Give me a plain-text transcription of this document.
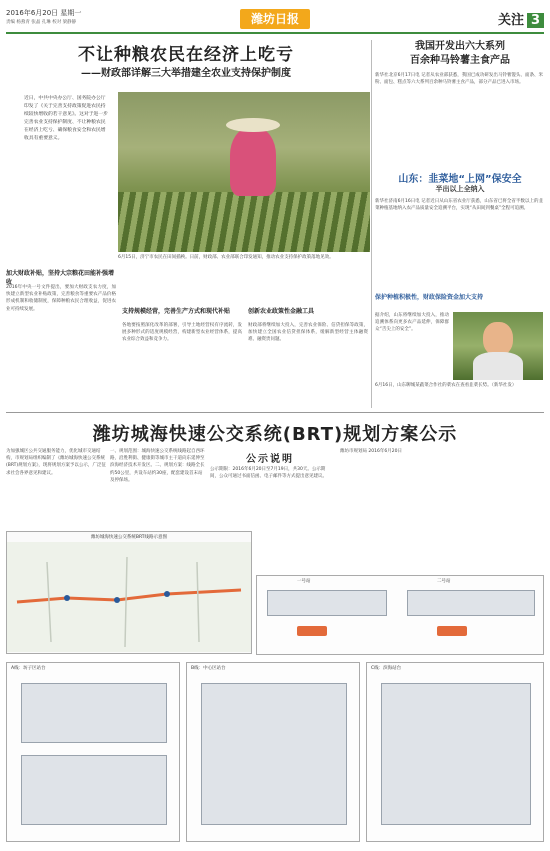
2016年6月20日 星期一
责编 杨燕青 张晶 孔琳 校对 梁静静	潍坊日报	关注 3
不让种粮农民在经济上吃亏
——财政部详解三大举措建全农业支持保护制度
近日，中共中央办公厅、国务院办公厅印发了《关于完善支持政策促进农民持续较快增收的若干意见》。这对于进一步完善农业支持保护制度、不让种粮农民在经济上吃亏、确保粮食安全和农民增收具有重要意义。
6月15日，济宁市农民在田间插秧。日前，财政部、农业部联合印发通知，推动农业支持保护政策落地见效。
加大财政补贴，坚持大宗粮花田能补强增收
2016年中央一号文件提出，要加大财政支农力度，加快建立新型农业补贴政策，完善粮食等重要农产品价格形成机制和收储制度，保障种粮农民合理收益，促进农业可持续发展。	支持规模经营，完善生产方式和现代补贴
各地要按照深化改革的部署，引导土地经营权有序流转，发展多种形式的适度规模经营，构建新型农业经营体系，提高农业综合效益和竞争力。
创新农业政策性金融工具
财政部将继续加大投入，完善农业保险、信贷担保等政策，加快建立全国农业信贷担保体系，缓解新型经营主体融资难、融资贵问题。
我国开发出六大系列
百余种马铃薯主食产品
新华社北京6月17日电 记者从农业部获悉，我国已成功研发出马铃薯馒头、面条、米粉、面包、糕点等六大系列百余种马铃薯主食产品，部分产品已进入市场。
山东：韭菜地“上网”保安全
半出以上全纳入
新华社济南6月16日电 记者近日从山东省农业厅获悉，山东省已将全省半数以上的韭菜种植基地纳入农产品质量安全追溯平台，实现“从田间到餐桌”全程可追溯。
保护种植积极性，财政保险资金加大支持
据介绍，山东将继续加大投入，推动追溯体系向更多农产品延伸，保障群众“舌尖上的安全”。
6月16日，山东聊城某蔬菜合作社的菜农在查看韭菜长势。（新华社发）
潍坊城海快速公交系统(BRT)规划方案公示
为加强城区公共交通服务能力，优化城市交通结构，市规划局组织编制了《潍坊城海快速公交系统(BRT)规划方案》，现将规划方案予以公示，广泛征求社会各界意见和建议。
一、规划范围：城海快速公交系统线路起自西环路，沿胜利街、健康街等城市主干道向东延伸至滨海经济技术开发区。二、规划方案：线路全长约50公里，共设车站约30座，配套建设首末站及停保场。
公示说明
公示期限：2016年6月20日至7月19日，共30天。公示期间，公众可通过书面信函、电子邮件等方式提出意见建议。
潍坊市规划局 2016年6月20日
潍坊城海快速公交系统BRT线路示意图
一号站	二号站
A线：坊子区站台	B线：中心区站台	C线：滨海站台
